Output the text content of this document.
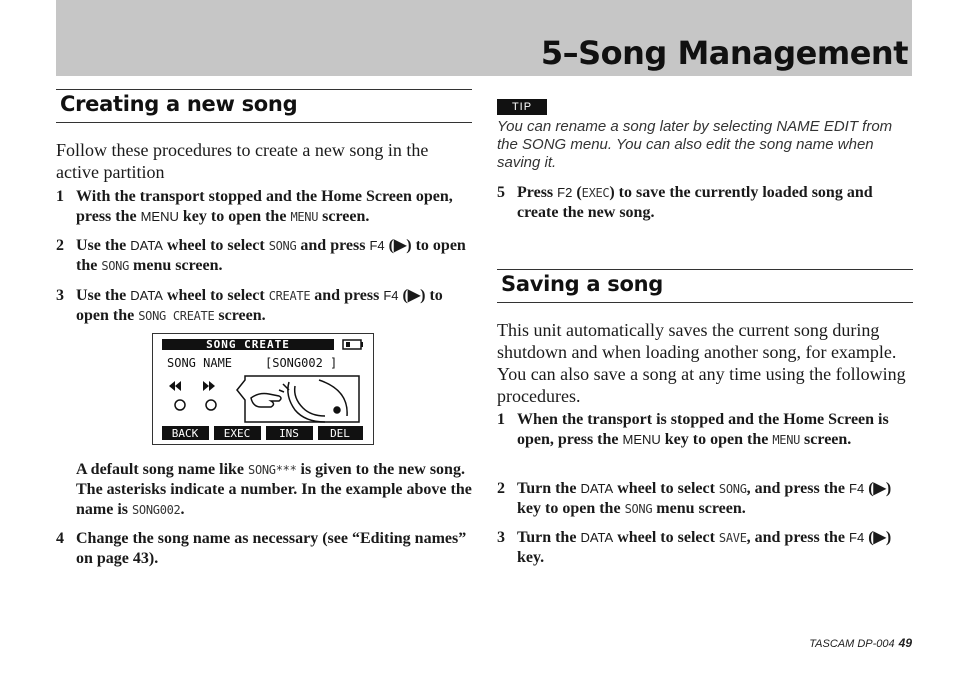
5–Song Management
Creating a new song
Follow these procedures to create a new song in the active partition
1 With the transport stopped and the Home Screen open, press the MENU key to open the MENU screen.
2 Use the DATA wheel to select SONG and press F4 (▶) to open the SONG menu screen.
3 Use the DATA wheel to select CREATE and press F4 (▶) to open the SONG CREATE screen.
SONG CREATE
SONG NAME	[SONG002 ]
BACK EXEC	INS	DEL
A default song name like SONG*** is given to the new song. The asterisks indicate a number. In the example above the name is SONG002.
4 Change the song name as necessary (see “Editing names” on page 43).
TIP
You can rename a song later by selecting NAME EDIT from the SONG menu. You can also edit the song name when saving it.
5 Press F2 (EXEC) to save the currently loaded song and create the new song.
Saving a song
This unit automatically saves the current song during shutdown and when loading another song, for example. You can also save a song at any time using the following procedures.
1 When the transport is stopped and the Home Screen is open, press the MENU key to open the MENU screen.
2 Turn the DATA wheel to select SONG, and press the F4 (▶) key to open the SONG menu screen.
3 Turn the DATA wheel to select SAVE, and press the F4 (▶) key.
TASCAM DP-004 49
